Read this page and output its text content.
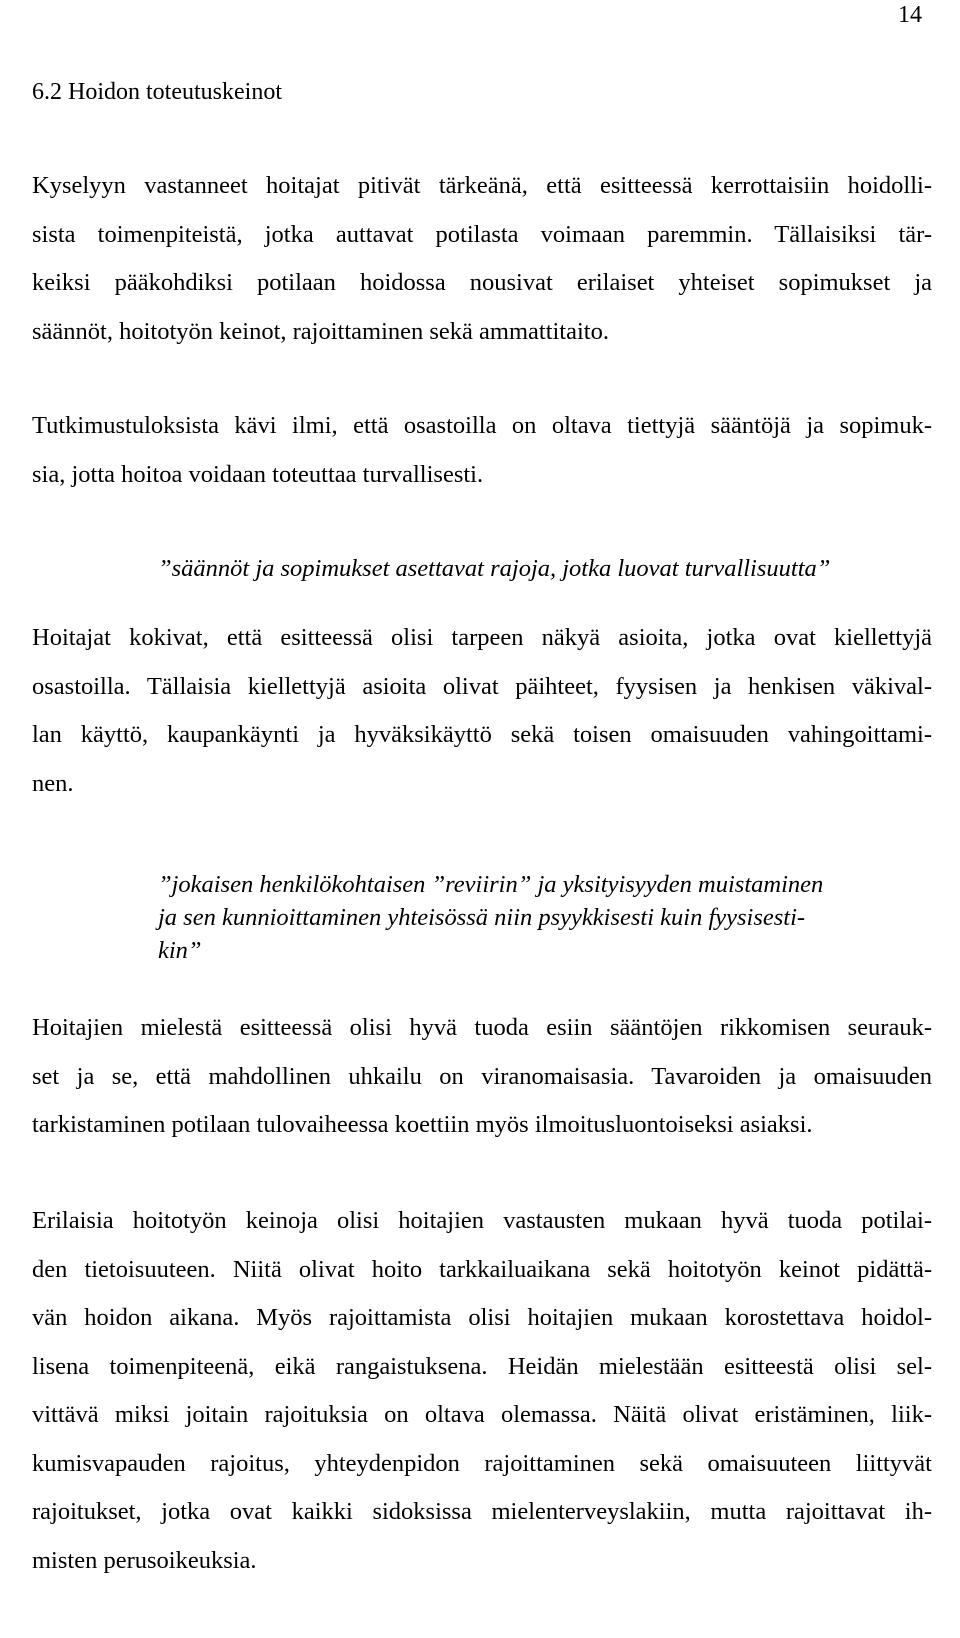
14
6.2 Hoidon toteutuskeinot

Kyselyyn vastanneet hoitajat pitivät tärkeänä, että esitteessä kerrottaisiin hoidolli-
sista toimenpiteistä, jotka auttavat potilasta voimaan paremmin. Tällaisiksi tär-
keiksi pääkohdiksi potilaan hoidossa nousivat erilaiset yhteiset sopimukset ja
säännöt, hoitotyön keinot, rajoittaminen sekä ammattitaito.

Tutkimustuloksista kävi ilmi, että osastoilla on oltava tiettyjä sääntöjä ja sopimuk-
sia, jotta hoitoa voidaan toteuttaa turvallisesti.

”säännöt ja sopimukset asettavat rajoja, jotka luovat turvallisuutta”

Hoitajat kokivat, että esitteessä olisi tarpeen näkyä asioita, jotka ovat kiellettyjä
osastoilla. Tällaisia kiellettyjä asioita olivat päihteet, fyysisen ja henkisen väkival-
lan käyttö, kaupankäynti ja hyväksikäyttö sekä toisen omaisuuden vahingoittami-
nen.

”jokaisen henkilökohtaisen ”reviirin” ja yksityisyyden muistaminen
ja sen kunnioittaminen yhteisössä niin psyykkisesti kuin fyysisesti-
kin”

Hoitajien mielestä esitteessä olisi hyvä tuoda esiin sääntöjen rikkomisen seurauk-
set ja se, että mahdollinen uhkailu on viranomaisasia. Tavaroiden ja omaisuuden
tarkistaminen potilaan tulovaiheessa koettiin myös ilmoitusluontoiseksi asiaksi.

Erilaisia hoitotyön keinoja olisi hoitajien vastausten mukaan hyvä tuoda potilai-
den tietoisuuteen. Niitä olivat hoito tarkkailuaikana sekä hoitotyön keinot pidättä-
vän hoidon aikana. Myös rajoittamista olisi hoitajien mukaan korostettava hoidol-
lisena toimenpiteenä, eikä rangaistuksena. Heidän mielestään esitteestä olisi sel-
vittävä miksi joitain rajoituksia on oltava olemassa. Näitä olivat eristäminen, liik-
kumisvapauden rajoitus, yhteydenpidon rajoittaminen sekä omaisuuteen liittyvät
rajoitukset, jotka ovat kaikki sidoksissa mielenterveyslakiin, mutta rajoittavat ih-
misten perusoikeuksia.
